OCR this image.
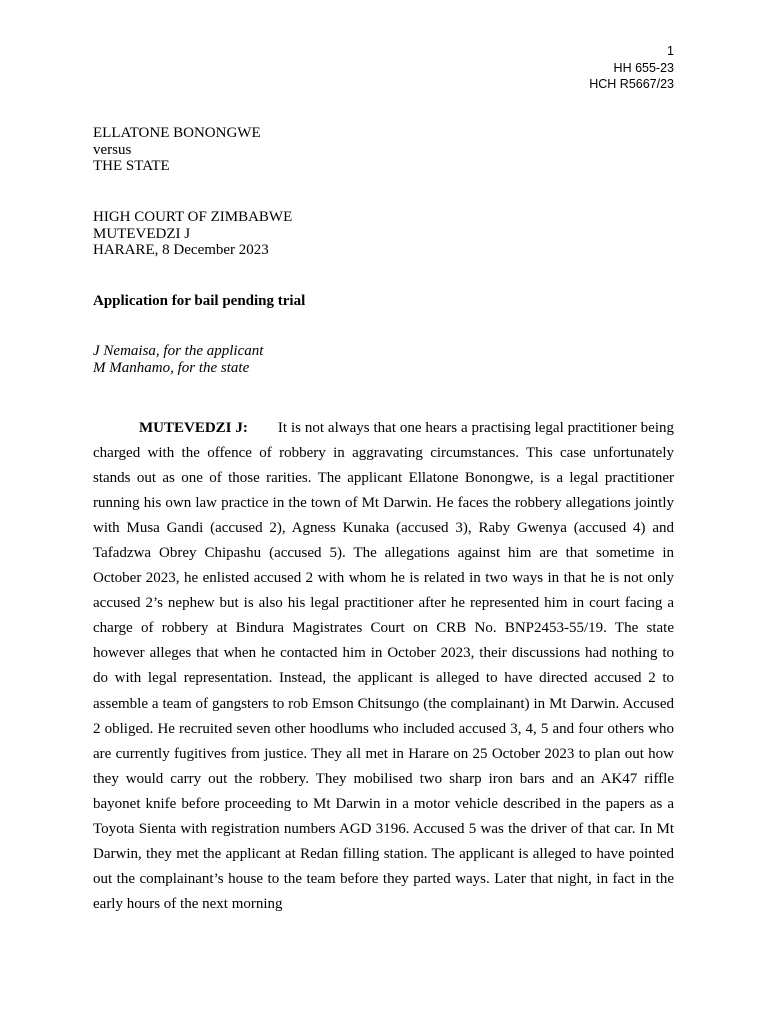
1
HH 655-23
HCH R5667/23
ELLATONE BONONGWE
versus
THE STATE
HIGH COURT OF ZIMBABWE
MUTEVEDZI J
HARARE, 8 December 2023
Application for bail pending trial
J Nemaisa, for the applicant
M Manhamo, for the state

MUTEVEDZI J: It is not always that one hears a practising legal practitioner being charged with the offence of robbery in aggravating circumstances. This case unfortunately stands out as one of those rarities. The applicant Ellatone Bonongwe, is a legal practitioner running his own law practice in the town of Mt Darwin. He faces the robbery allegations jointly with Musa Gandi (accused 2), Agness Kunaka (accused 3), Raby Gwenya (accused 4) and Tafadzwa Obrey Chipashu (accused 5). The allegations against him are that sometime in October 2023, he enlisted accused 2 with whom he is related in two ways in that he is not only accused 2’s nephew but is also his legal practitioner after he represented him in court facing a charge of robbery at Bindura Magistrates Court on CRB No. BNP2453-55/19. The state however alleges that when he contacted him in October 2023, their discussions had nothing to do with legal representation. Instead, the applicant is alleged to have directed accused 2 to assemble a team of gangsters to rob Emson Chitsungo (the complainant) in Mt Darwin. Accused 2 obliged. He recruited seven other hoodlums who included accused 3, 4, 5 and four others who are currently fugitives from justice. They all met in Harare on 25 October 2023 to plan out how they would carry out the robbery. They mobilised two sharp iron bars and an AK47 riffle bayonet knife before proceeding to Mt Darwin in a motor vehicle described in the papers as a Toyota Sienta with registration numbers AGD 3196. Accused 5 was the driver of that car. In Mt Darwin, they met the applicant at Redan filling station. The applicant is alleged to have pointed out the complainant’s house to the team before they parted ways. Later that night, in fact in the early hours of the next morning
